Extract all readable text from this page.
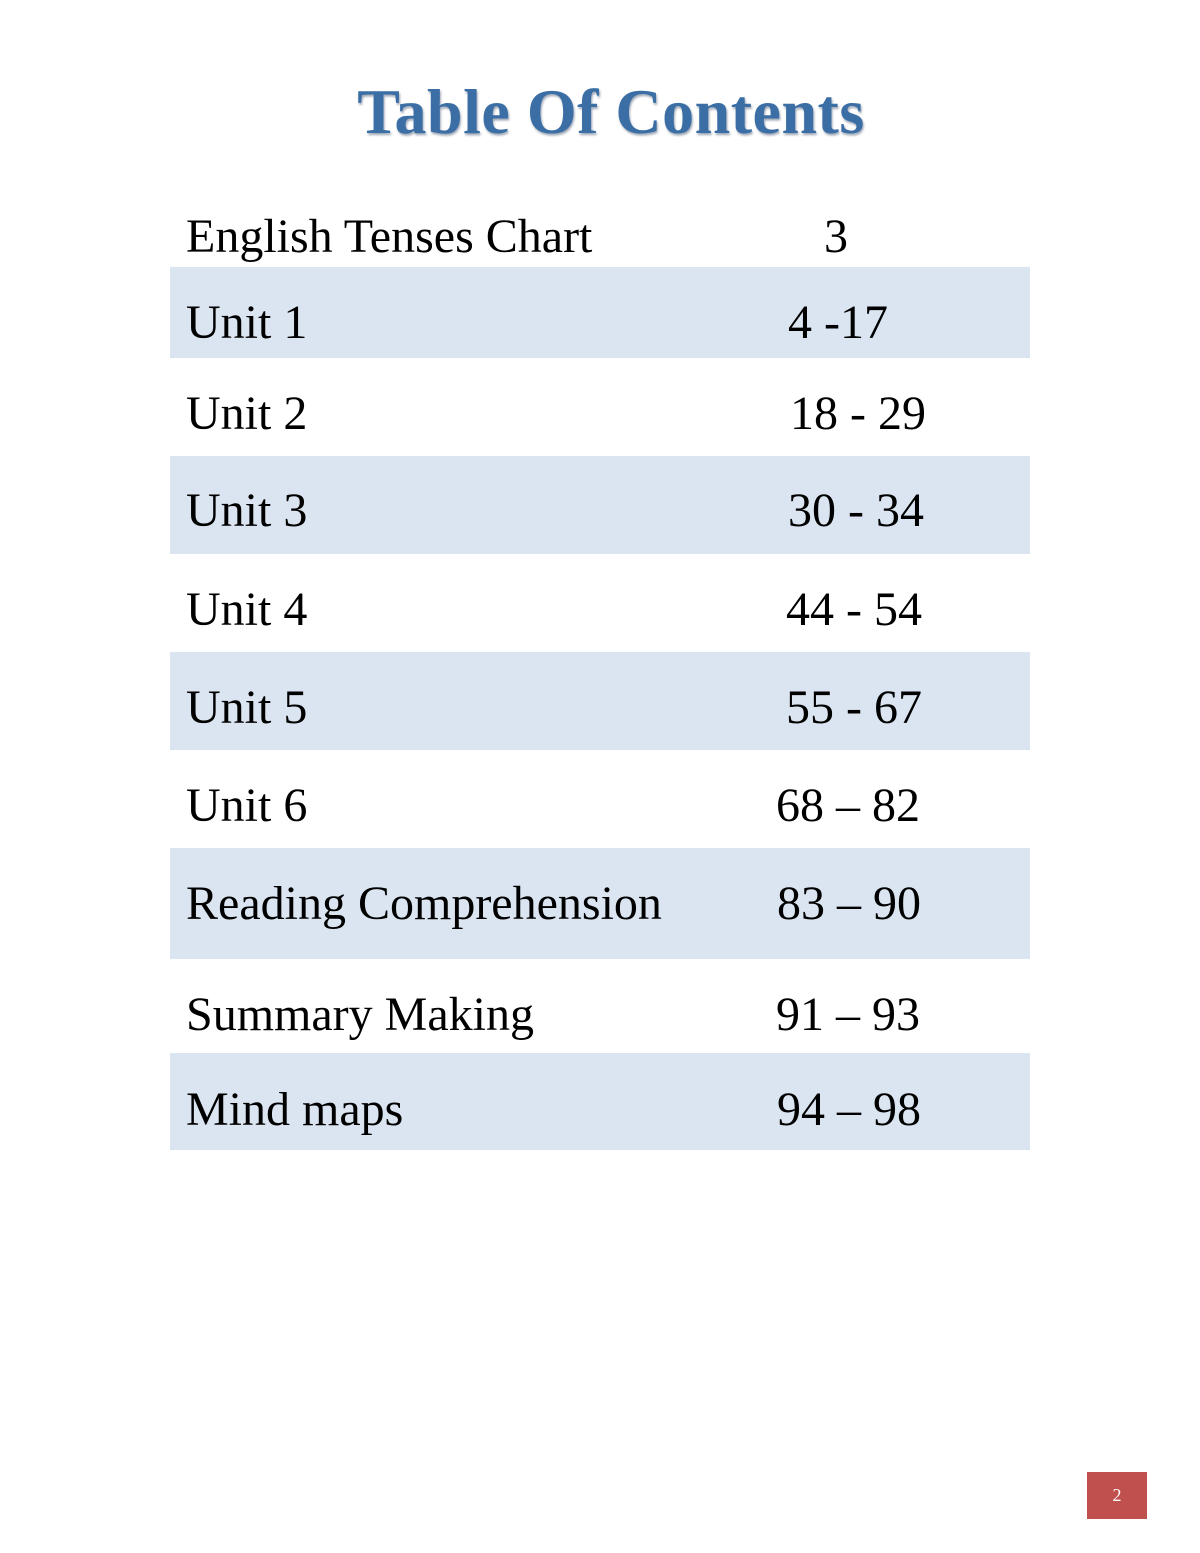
Table Of Contents
English Tenses Chart	3
Unit 1	4 -17
Unit 2	18 - 29
Unit 3	30 - 34
Unit 4	44 - 54
Unit 5	55 - 67
Unit 6	68 – 82
Reading Comprehension 83 – 90
Summary Making	91 – 93
Mind maps	94 – 98
2
